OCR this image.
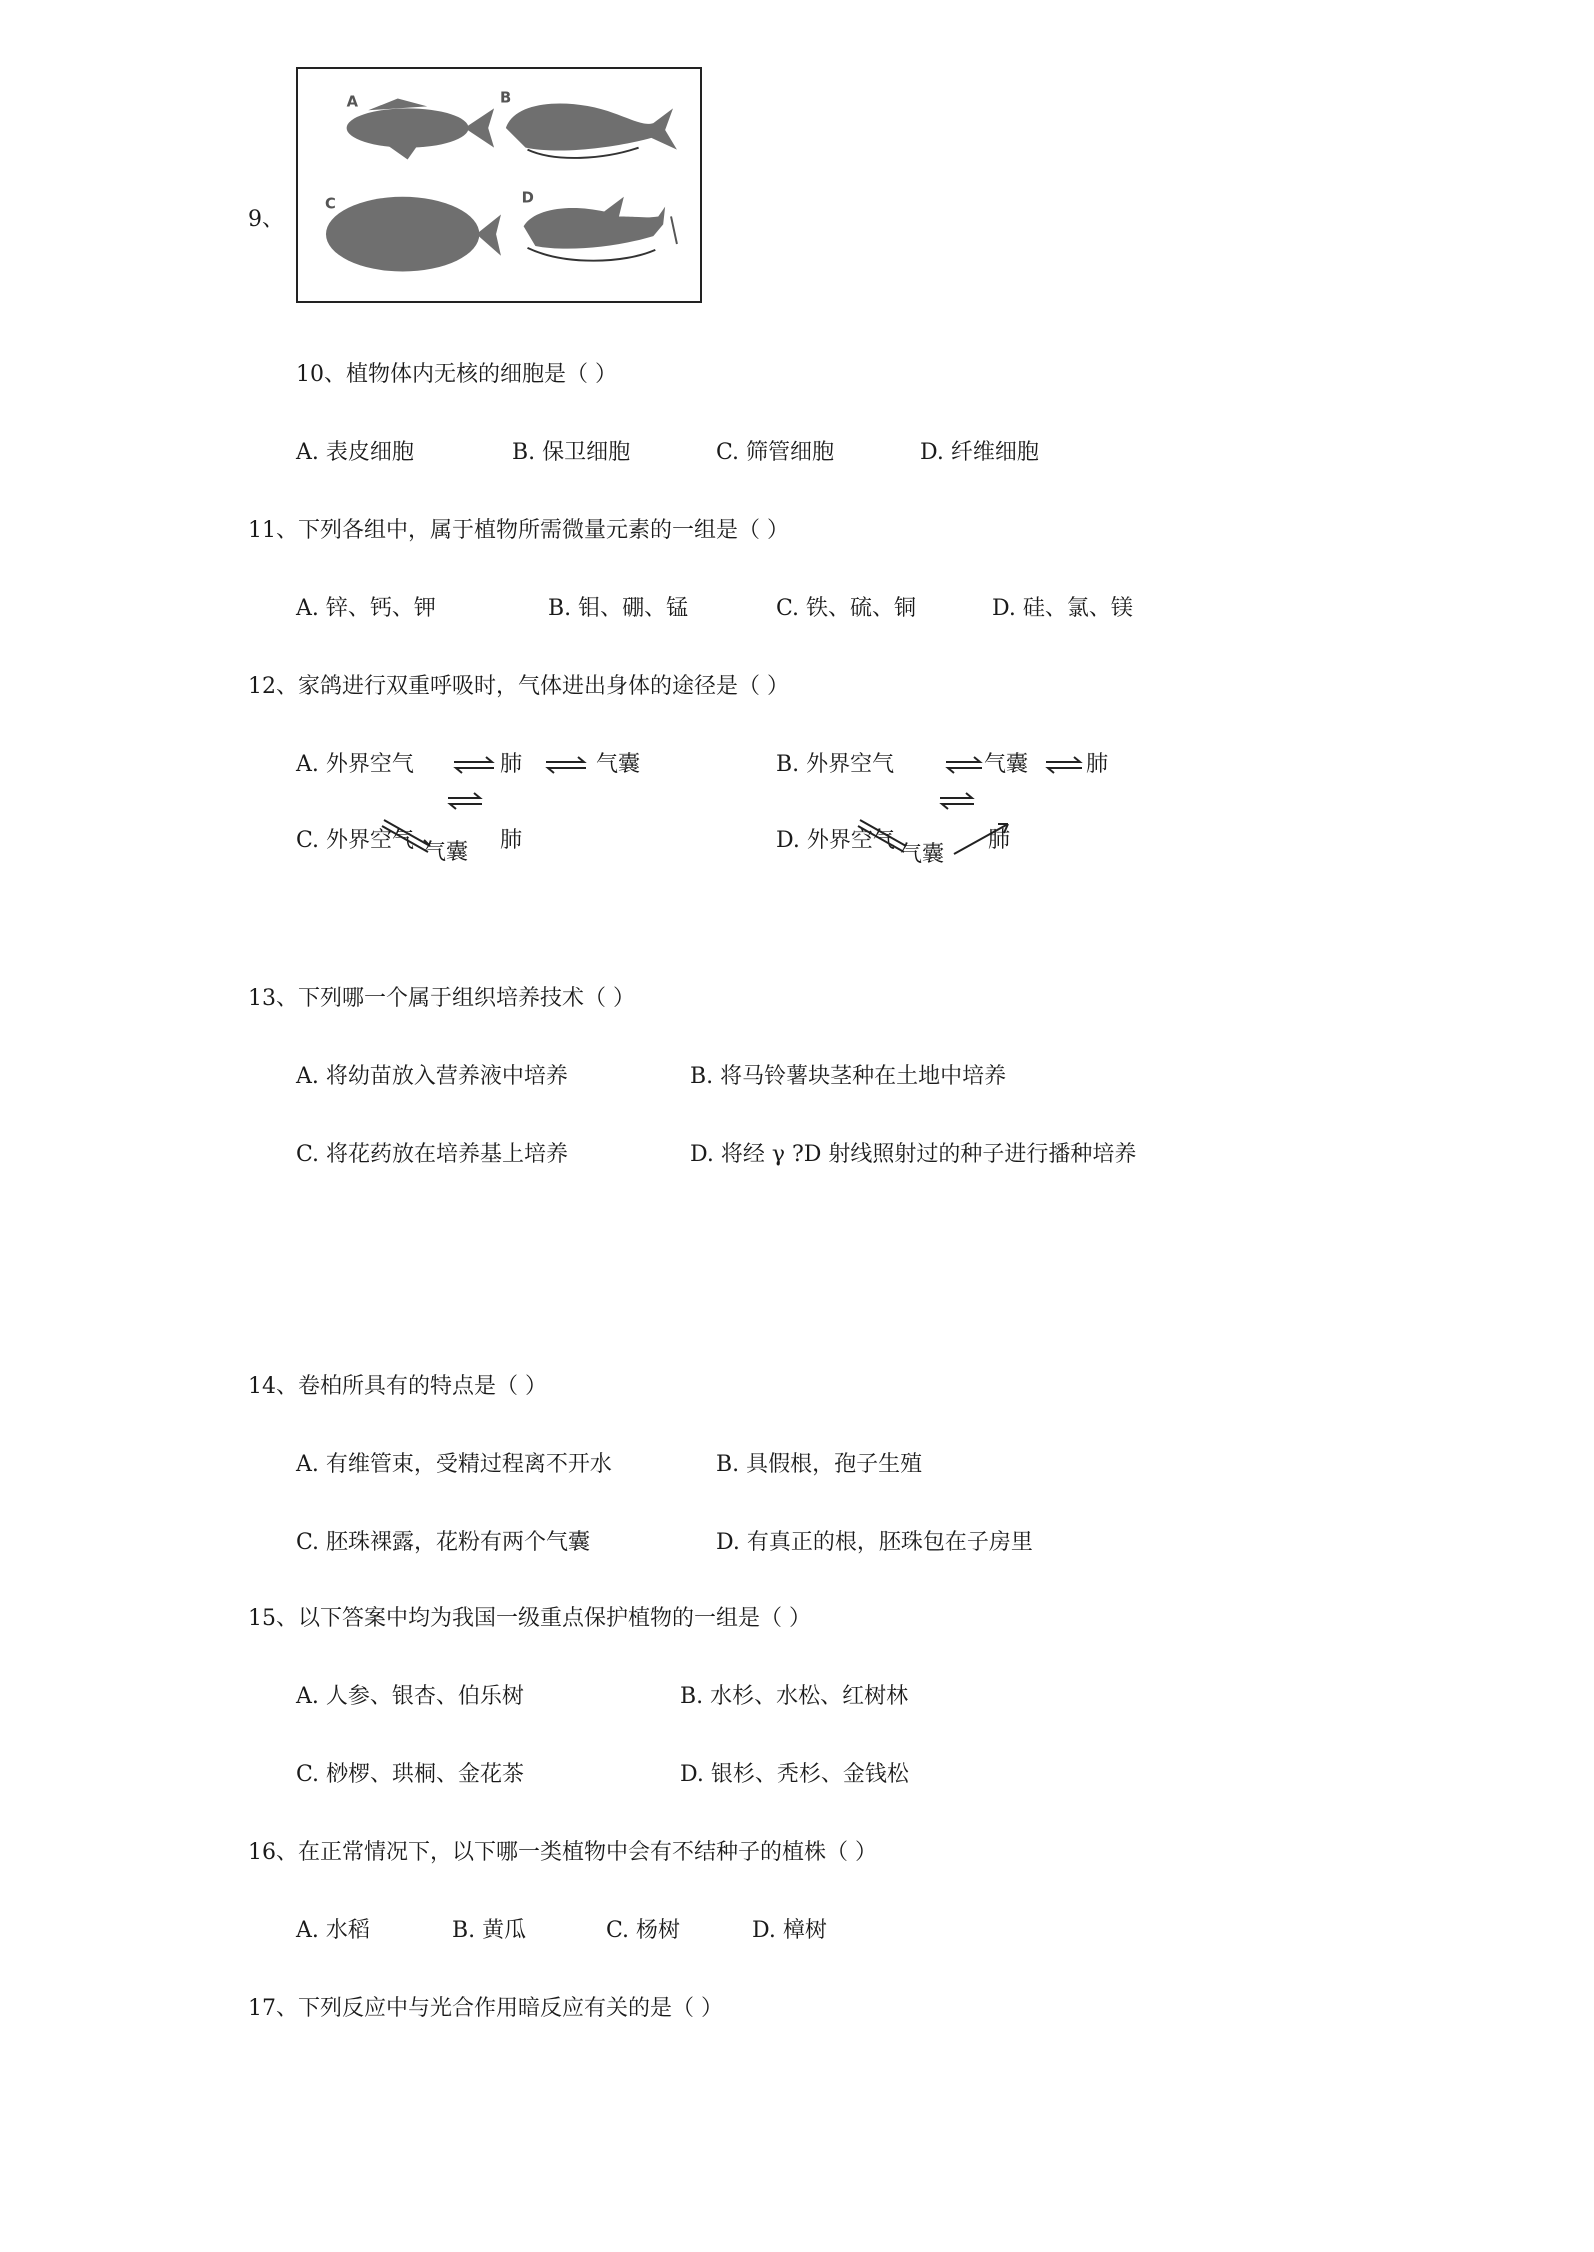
9、
A	B
C	D
10、植物体内无核的细胞是（ ）
A. 表皮细胞	B. 保卫细胞	C. 筛管细胞	D. 纤维细胞
11、下列各组中，属于植物所需微量元素的一组是（ ）
A. 锌、钙、钾	B. 钼、硼、锰	C. 铁、硫、铜	D. 硅、氯、镁
12、家鸽进行双重呼吸时，气体进出身体的途径是（ ）
A. 外界空气	肺	气囊	B. 外界空气	气囊	肺
C. 外界空气 气囊 肺	D. 外界空气
气囊
肺
13、下列哪一个属于组织培养技术（ ）
A. 将幼苗放入营养液中培养	B. 将马铃薯块茎种在土地中培养
C. 将花药放在培养基上培养	D. 将经 γ ?D 射线照射过的种子进行播种培养
14、卷柏所具有的特点是（ ）
A. 有维管束，受精过程离不开水	B. 具假根，孢子生殖
C. 胚珠裸露，花粉有两个气囊	D. 有真正的根，胚珠包在子房里
15、以下答案中均为我国一级重点保护植物的一组是（ ）
A. 人参、银杏、伯乐树	B. 水杉、水松、红树林
C. 桫椤、珙桐、金花茶	D. 银杉、秃杉、金钱松
16、在正常情况下，以下哪一类植物中会有不结种子的植株（ ）
A. 水稻	B. 黄瓜	C. 杨树	D. 樟树
17、下列反应中与光合作用暗反应有关的是（ ）
